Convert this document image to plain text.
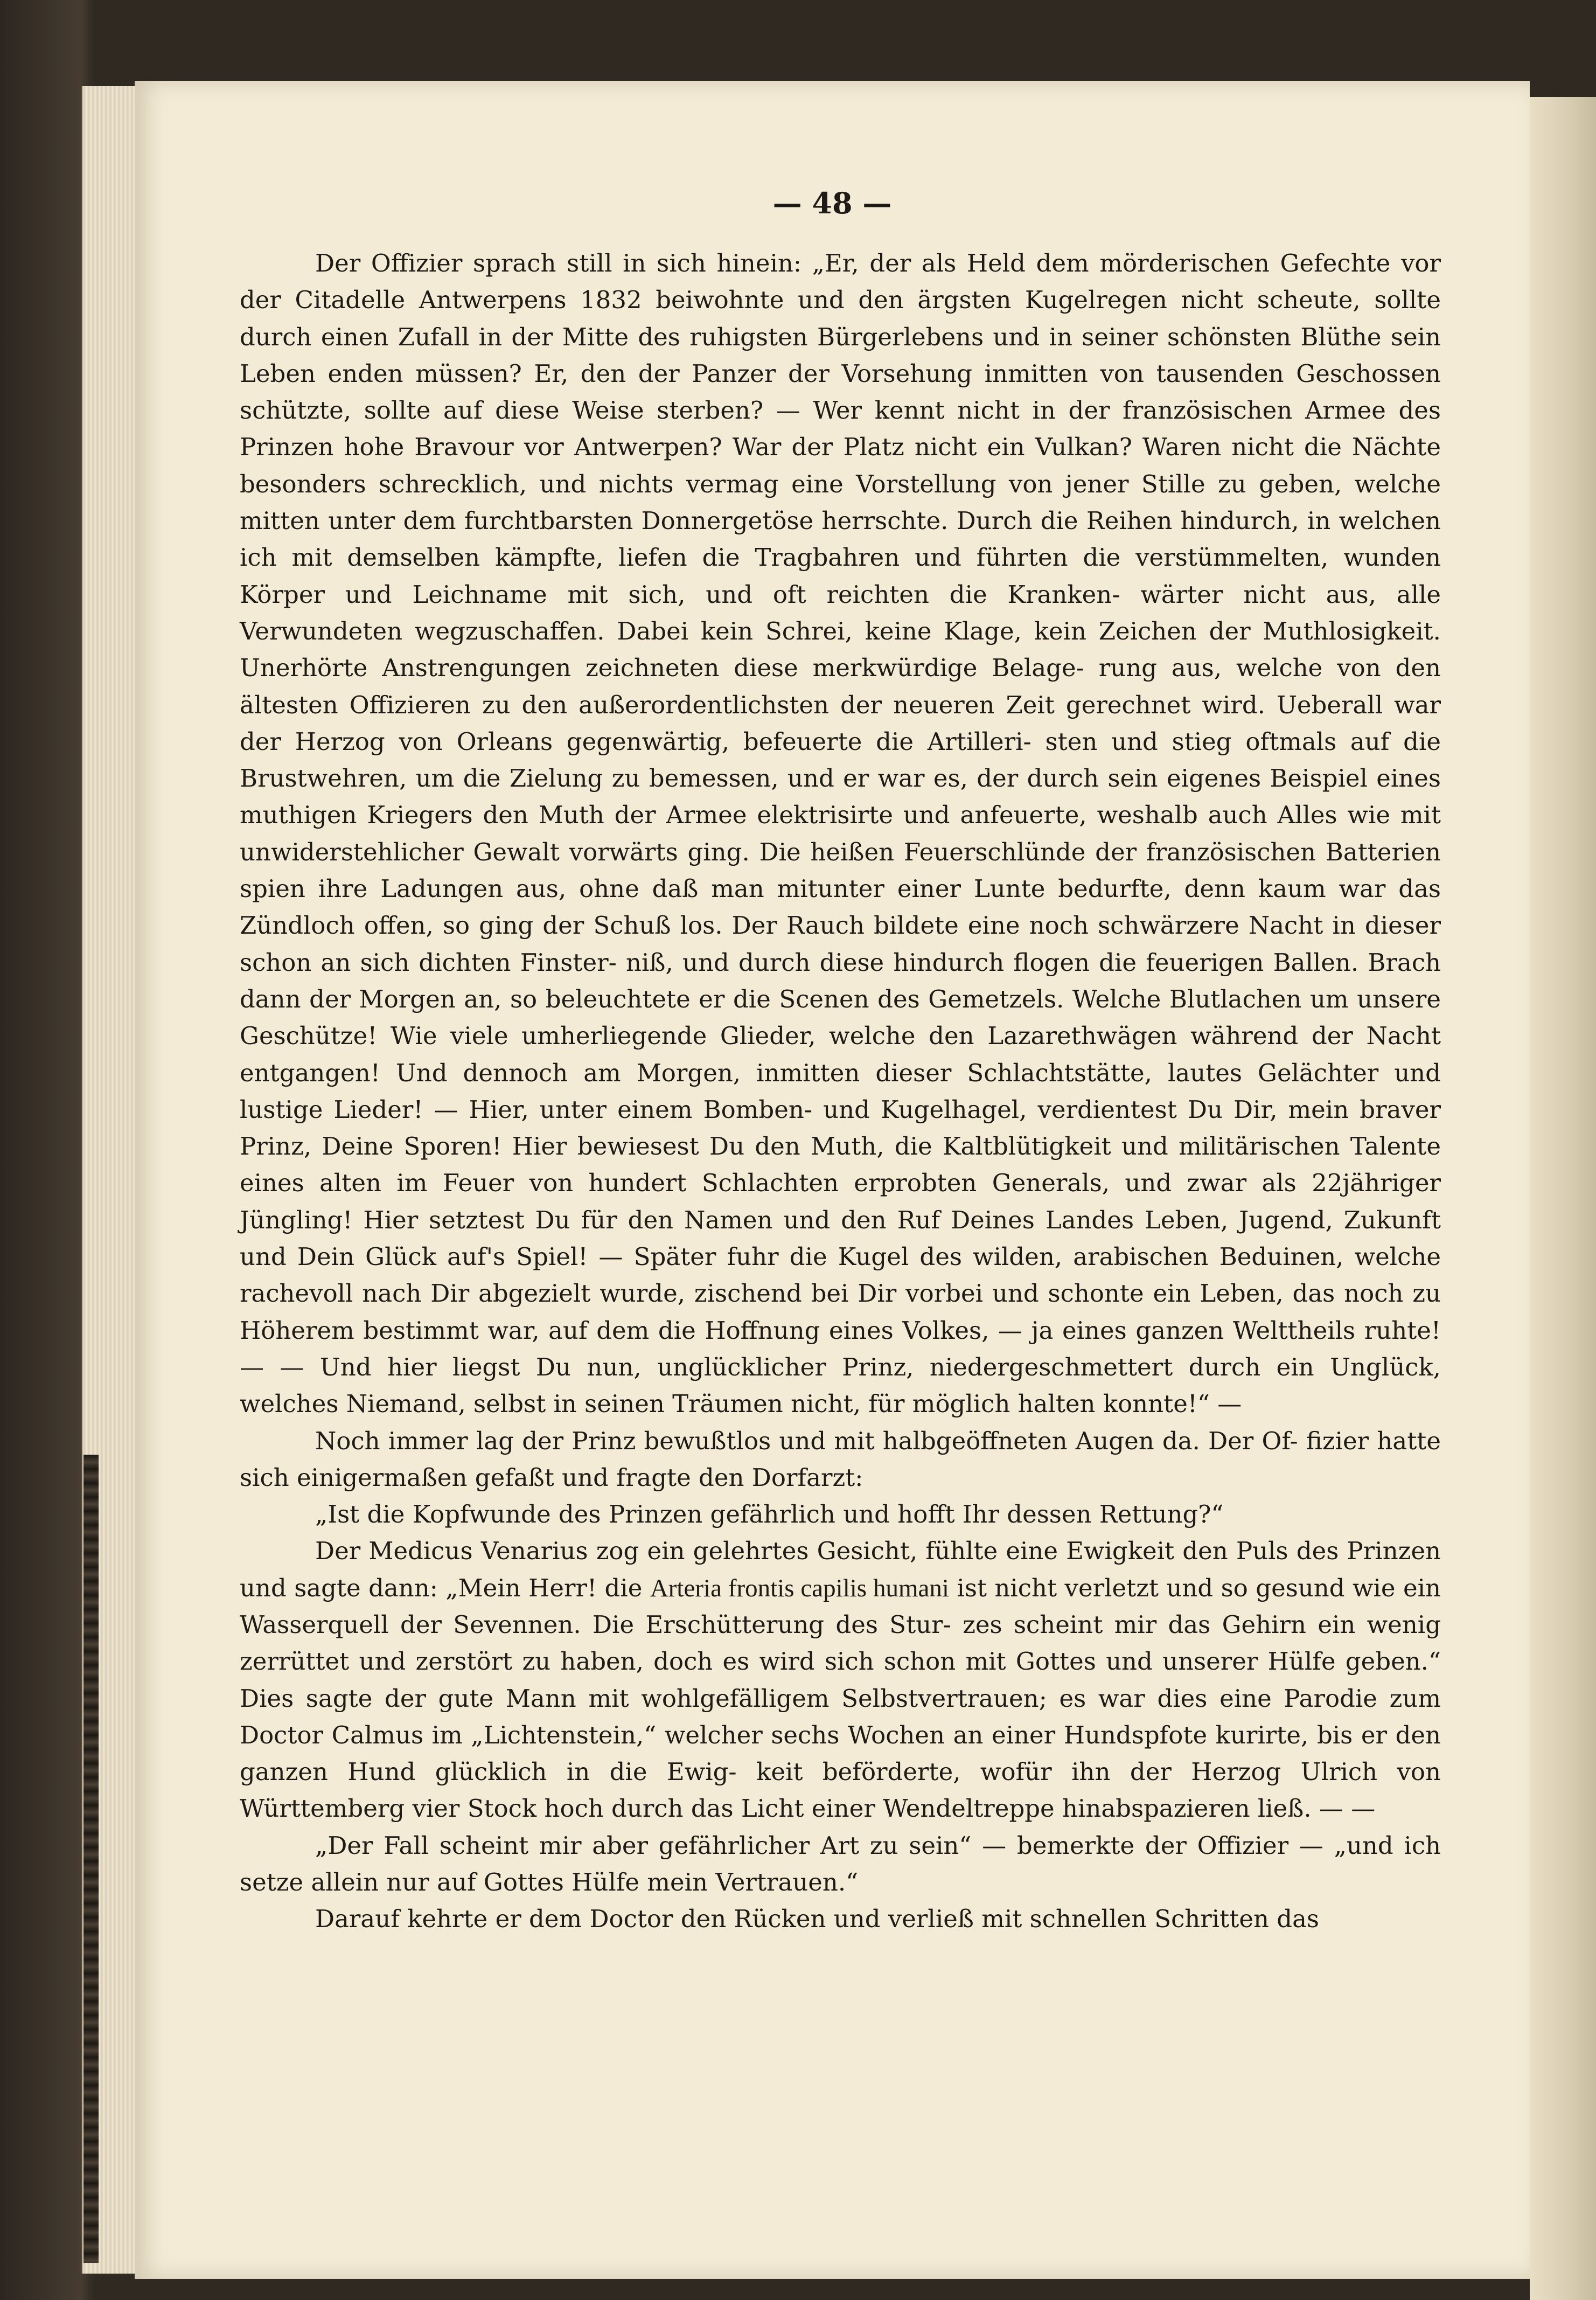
— 48 —

Der Offizier sprach still in sich hinein: „Er, der als Held dem mörderischen Gefechte vor der Citadelle Antwerpens 1832 beiwohnte und den ärgsten Kugelregen nicht scheute, sollte durch einen Zufall in der Mitte des ruhigsten Bürgerlebens und in seiner schönsten Blüthe sein Leben enden müssen? Er, den der Panzer der Vorsehung inmitten von tausenden Geschossen schützte, sollte auf diese Weise sterben? — Wer kennt nicht in der französischen Armee des Prinzen hohe Bravour vor Antwerpen? War der Platz nicht ein Vulkan? Waren nicht die Nächte besonders schrecklich, und nichts vermag eine Vorstellung von jener Stille zu geben, welche mitten unter dem furchtbarsten Donnergetöse herrschte. Durch die Reihen hindurch, in welchen ich mit demselben kämpfte, liefen die Tragbahren und führten die verstümmelten, wunden Körper und Leichname mit sich, und oft reichten die Kranken- wärter nicht aus, alle Verwundeten wegzuschaffen. Dabei kein Schrei, keine Klage, kein Zeichen der Muthlosigkeit. Unerhörte Anstrengungen zeichneten diese merkwürdige Belage- rung aus, welche von den ältesten Offizieren zu den außerordentlichsten der neueren Zeit gerechnet wird. Ueberall war der Herzog von Orleans gegenwärtig, befeuerte die Artilleri- sten und stieg oftmals auf die Brustwehren, um die Zielung zu bemessen, und er war es, der durch sein eigenes Beispiel eines muthigen Kriegers den Muth der Armee elektrisirte und anfeuerte, weshalb auch Alles wie mit unwiderstehlicher Gewalt vorwärts ging. Die heißen Feuerschlünde der französischen Batterien spien ihre Ladungen aus, ohne daß man mitunter einer Lunte bedurfte, denn kaum war das Zündloch offen, so ging der Schuß los. Der Rauch bildete eine noch schwärzere Nacht in dieser schon an sich dichten Finster- niß, und durch diese hindurch flogen die feuerigen Ballen. Brach dann der Morgen an, so beleuchtete er die Scenen des Gemetzels. Welche Blutlachen um unsere Geschütze! Wie viele umherliegende Glieder, welche den Lazarethwägen während der Nacht entgangen! Und dennoch am Morgen, inmitten dieser Schlachtstätte, lautes Gelächter und lustige Lieder! — Hier, unter einem Bomben- und Kugelhagel, verdientest Du Dir, mein braver Prinz, Deine Sporen! Hier bewiesest Du den Muth, die Kaltblütigkeit und militärischen Talente eines alten im Feuer von hundert Schlachten erprobten Generals, und zwar als 22jähriger Jüngling! Hier setztest Du für den Namen und den Ruf Deines Landes Leben, Jugend, Zukunft und Dein Glück auf's Spiel! — Später fuhr die Kugel des wilden, arabischen Beduinen, welche rachevoll nach Dir abgezielt wurde, zischend bei Dir vorbei und schonte ein Leben, das noch zu Höherem bestimmt war, auf dem die Hoffnung eines Volkes, — ja eines ganzen Welttheils ruhte! — — Und hier liegst Du nun, unglücklicher Prinz, niedergeschmettert durch ein Unglück, welches Niemand, selbst in seinen Träumen nicht, für möglich halten konnte!“ —

Noch immer lag der Prinz bewußtlos und mit halbgeöffneten Augen da. Der Of- fizier hatte sich einigermaßen gefaßt und fragte den Dorfarzt:

„Ist die Kopfwunde des Prinzen gefährlich und hofft Ihr dessen Rettung?“

Der Medicus Venarius zog ein gelehrtes Gesicht, fühlte eine Ewigkeit den Puls des Prinzen und sagte dann: „Mein Herr! die Arteria frontis capilis humani ist nicht verletzt und so gesund wie ein Wasserquell der Sevennen. Die Erschütterung des Stur- zes scheint mir das Gehirn ein wenig zerrüttet und zerstört zu haben, doch es wird sich schon mit Gottes und unserer Hülfe geben.“ Dies sagte der gute Mann mit wohlgefälligem Selbstvertrauen; es war dies eine Parodie zum Doctor Calmus im „Lichtenstein,“ welcher sechs Wochen an einer Hundspfote kurirte, bis er den ganzen Hund glücklich in die Ewig- keit beförderte, wofür ihn der Herzog Ulrich von Württemberg vier Stock hoch durch das Licht einer Wendeltreppe hinabspazieren ließ. — —

„Der Fall scheint mir aber gefährlicher Art zu sein“ — bemerkte der Offizier — „und ich setze allein nur auf Gottes Hülfe mein Vertrauen.“

Darauf kehrte er dem Doctor den Rücken und verließ mit schnellen Schritten das
